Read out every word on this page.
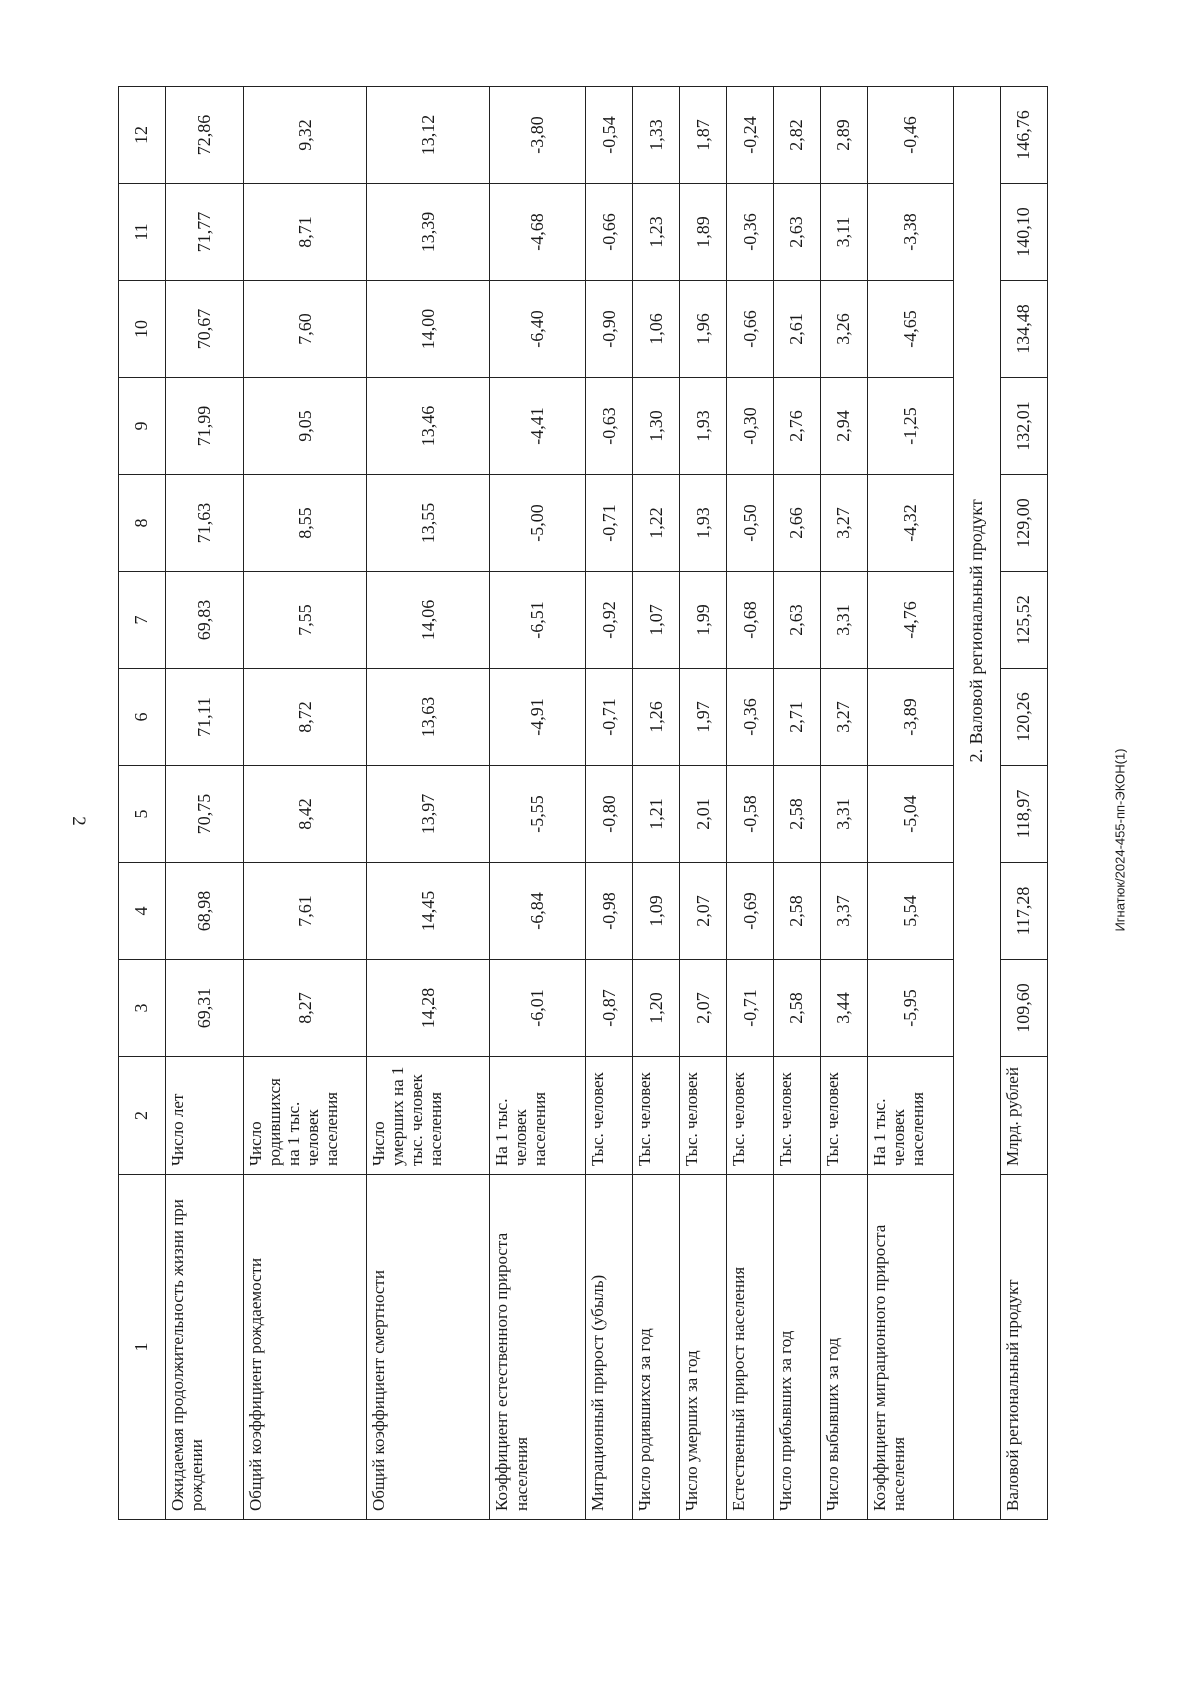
2	Игнатюк/2024-455-пп-ЭКОН(1)
1	2	3	4	5	6	7	8	9	10	11	12
Ожидаемая продолжительность жизни при рождении	Число лет	69,31	68,98	70,75	71,11	69,83	71,63	71,99	70,67	71,77	72,86
Общий коэффициент рождаемости	Число родившихся на 1 тыс. человек населения	8,27	7,61	8,42	8,72	7,55	8,55	9,05	7,60	8,71	9,32
Общий коэффициент смертности	Число умерших на 1 тыс. человек населения	14,28	14,45	13,97	13,63	14,06	13,55	13,46	14,00	13,39	13,12
Коэффициент естественного прироста населения	На 1 тыс. человек населения	-6,01	-6,84	-5,55	-4,91	-6,51	-5,00	-4,41	-6,40	-4,68	-3,80
Миграционный прирост (убыль)	Тыс. человек	-0,87	-0,98	-0,80	-0,71	-0,92	-0,71	-0,63	-0,90	-0,66	-0,54
Число родившихся за год	Тыс. человек	1,20	1,09	1,21	1,26	1,07	1,22	1,30	1,06	1,23	1,33
Число умерших за год	Тыс. человек	2,07	2,07	2,01	1,97	1,99	1,93	1,93	1,96	1,89	1,87
Естественный прирост населения	Тыс. человек	-0,71	-0,69	-0,58	-0,36	-0,68	-0,50	-0,30	-0,66	-0,36	-0,24
Число прибывших за год	Тыс. человек	2,58	2,58	2,58	2,71	2,63	2,66	2,76	2,61	2,63	2,82
Число выбывших за год	Тыс. человек	3,44	3,37	3,31	3,27	3,31	3,27	2,94	3,26	3,11	2,89
Коэффициент миграционного прироста населения	На 1 тыс. человек населения	-5,95	5,54	-5,04	-3,89	-4,76	-4,32	-1,25	-4,65	-3,38	-0,46
	2. Валовой региональный продукт										
Валовой региональный продукт	Млрд. рублей	109,60	117,28	118,97	120,26	125,52	129,00	132,01	134,48	140,10	146,76
